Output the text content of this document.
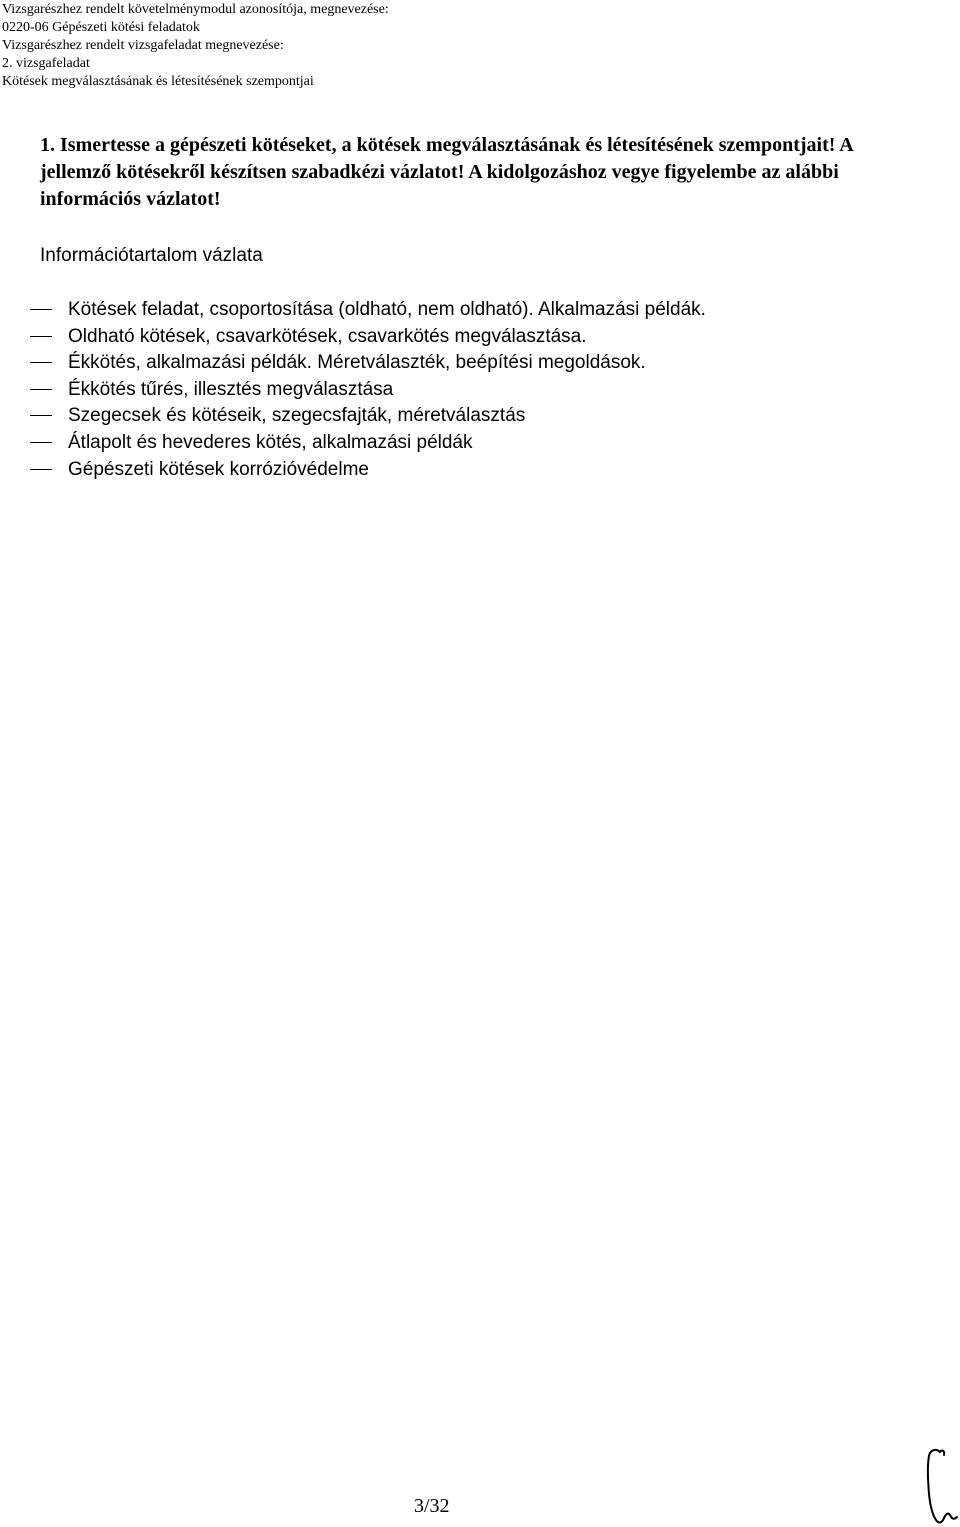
Vizsgarészhez rendelt követelménymodul azonosítója, megnevezése:
0220-06 Gépészeti kötési feladatok
Vizsgarészhez rendelt vizsgafeladat megnevezése:
2. vizsgafeladat
Kötések megválasztásának és létesítésének szempontjai
1. Ismertesse a gépészeti kötéseket, a kötések megválasztásának és létesítésének szempontjait! A jellemző kötésekről készítsen szabadkézi vázlatot! A kidolgozáshoz vegye figyelembe az alábbi információs vázlatot!
Információtartalom vázlata
Kötések feladat, csoportosítása (oldható, nem oldható). Alkalmazási példák.
Oldható kötések, csavarkötések, csavarkötés megválasztása.
Ékkötés, alkalmazási példák. Méretválaszték, beépítési megoldások.
Ékkötés tűrés, illesztés megválasztása
Szegecsek és kötéseik, szegecsfajták, méretválasztás
Átlapolt és hevederes kötés, alkalmazási példák
Gépészeti kötések korrózióvédelme
3/32
